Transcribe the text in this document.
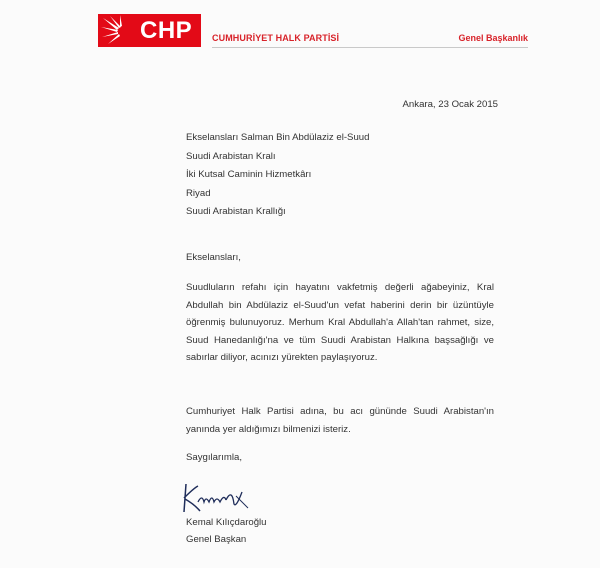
CHP CUMHURİYET HALK PARTİSİ	Genel Başkanlık
Ankara, 23 Ocak 2015
Ekselansları Salman Bin Abdülaziz el-Suud
Suudi Arabistan Kralı
İki Kutsal Caminin Hizmetkârı
Riyad
Suudi Arabistan Krallığı
Ekselansları,
Suudluların refahı için hayatını vakfetmiş değerli ağabeyiniz, Kral Abdullah bin Abdülaziz el-Suud'un vefat haberini derin bir üzüntüyle öğrenmiş bulunuyoruz. Merhum Kral Abdullah'a Allah'tan rahmet, size, Suud Hanedanlığı'na ve tüm Suudi Arabistan Halkına başsağlığı ve sabırlar diliyor, acınızı yürekten paylaşıyoruz.
Cumhuriyet Halk Partisi adına, bu acı gününde Suudi Arabistan'ın yanında yer aldığımızı bilmenizi isteriz.
Saygılarımla,
Kemal Kılıçdaroğlu
Genel Başkan
